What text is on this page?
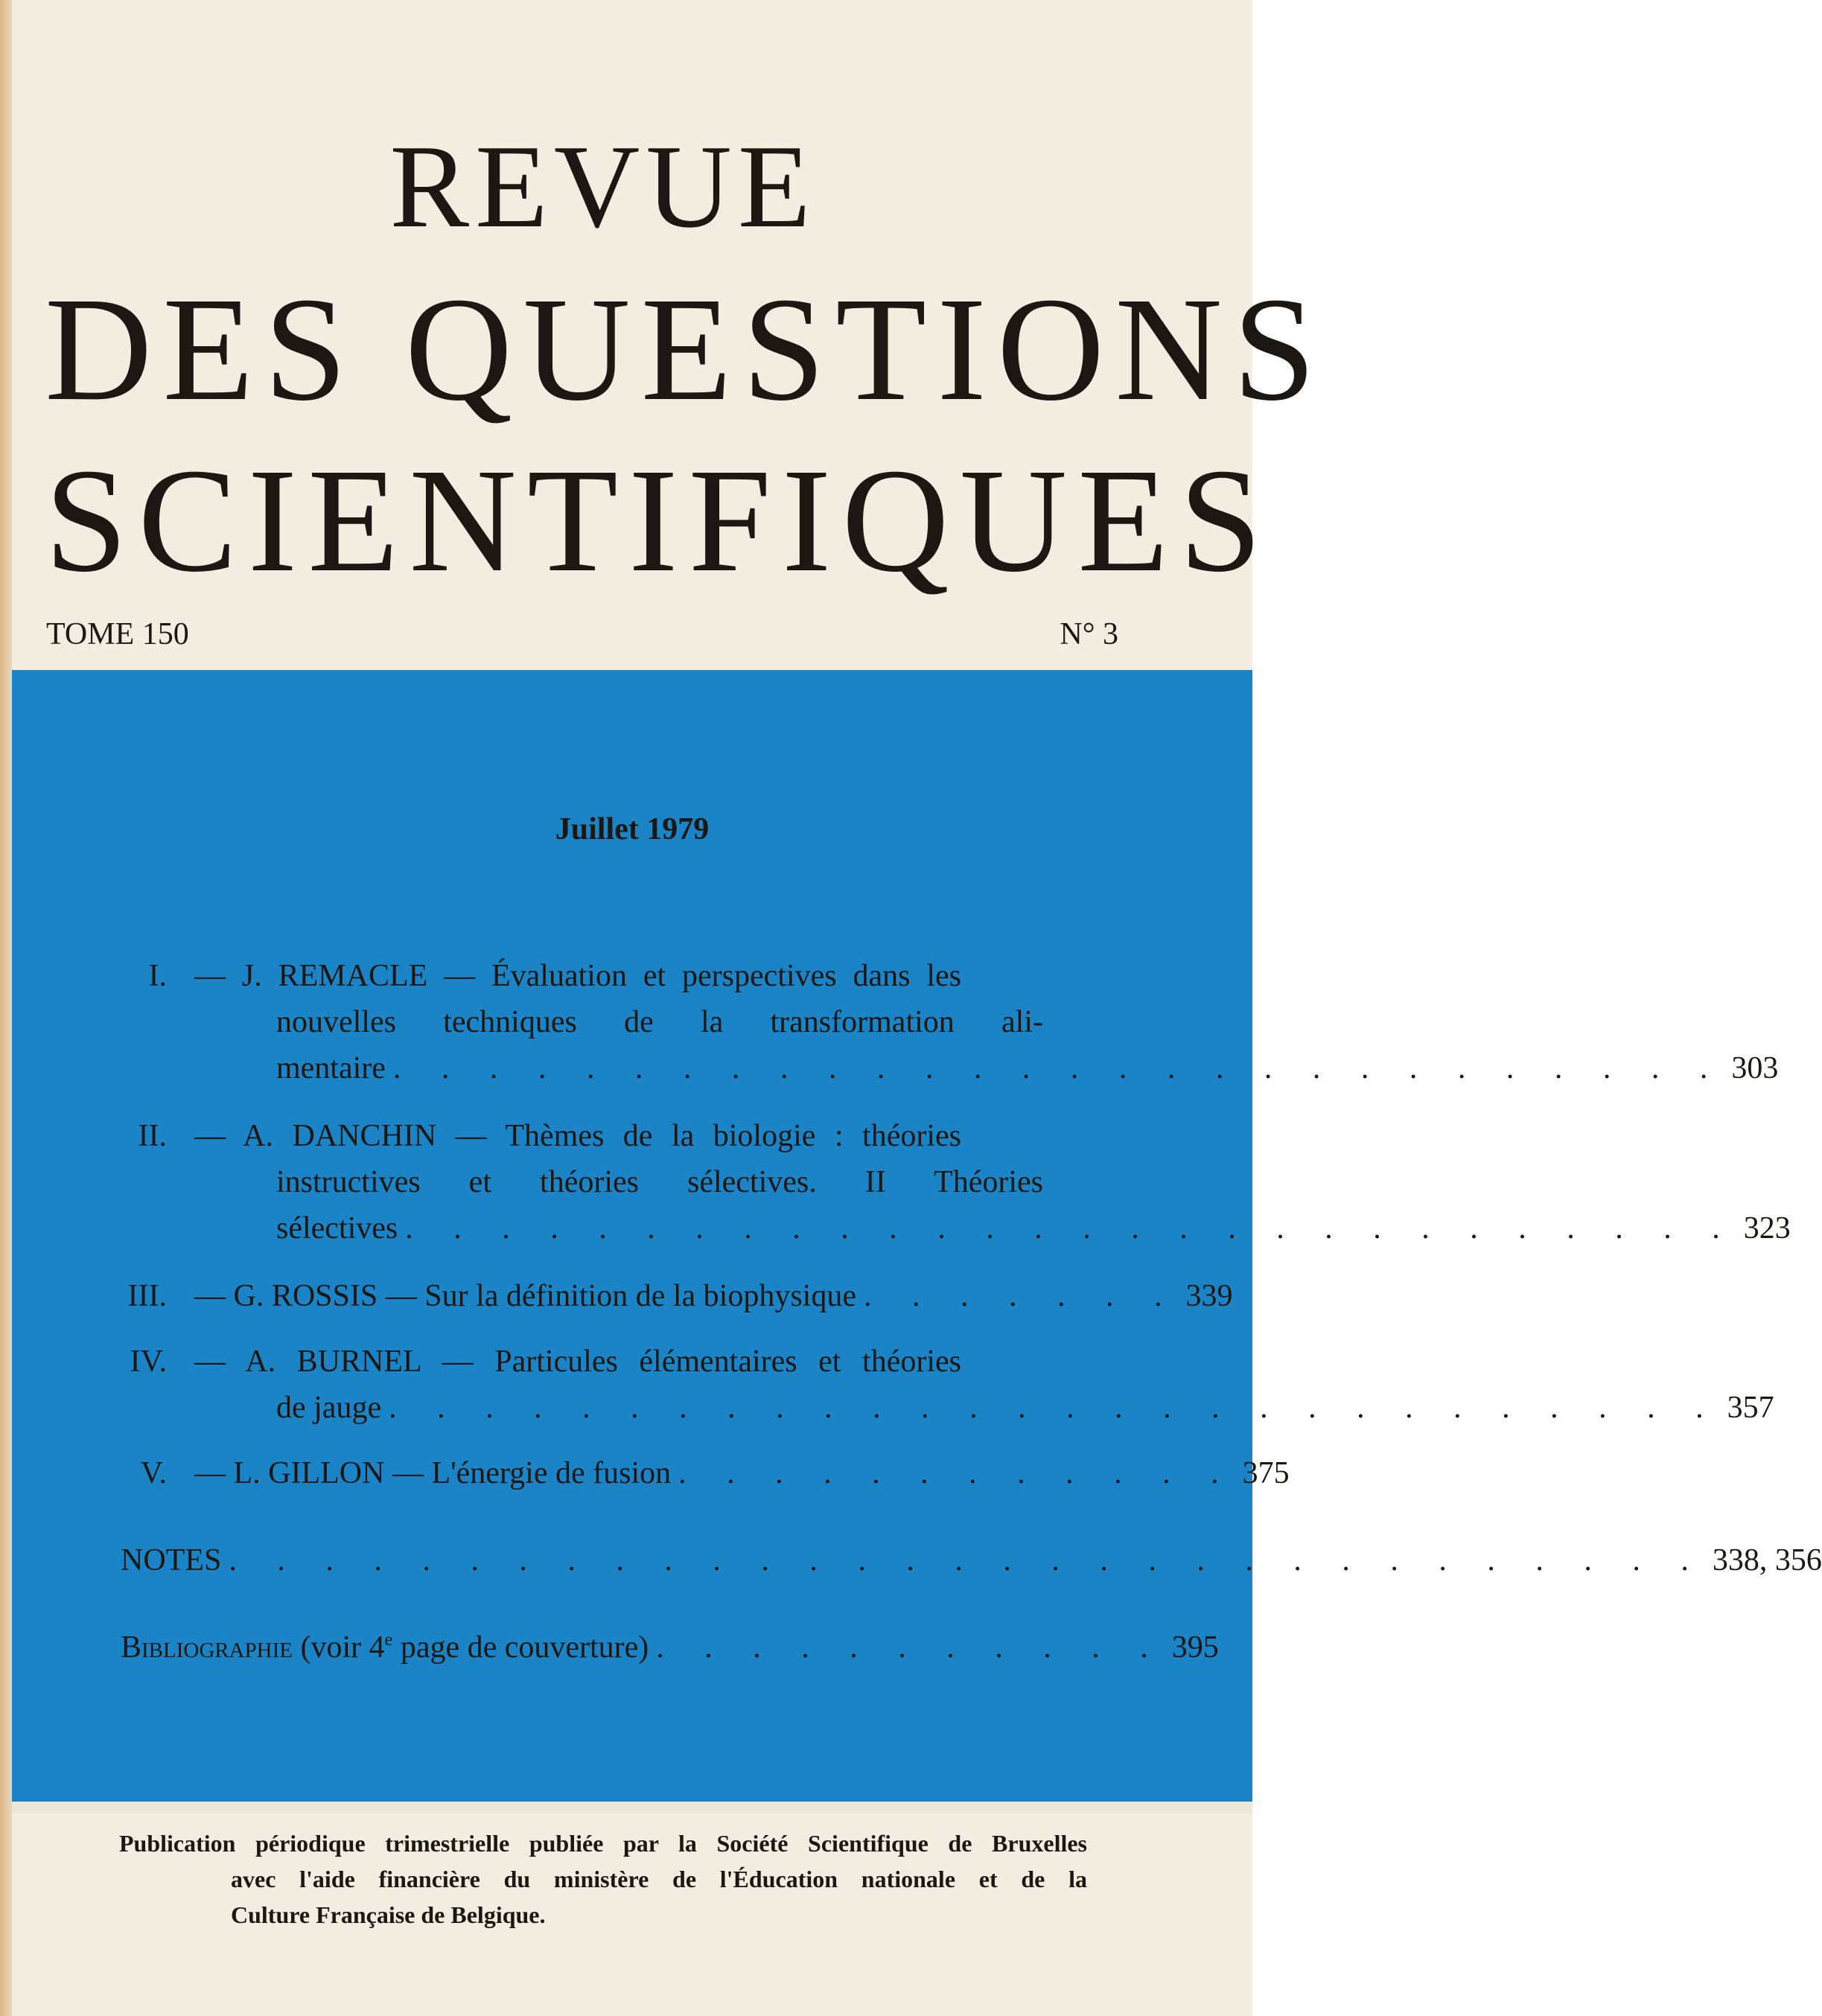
REVUE
DES QUESTIONS
SCIENTIFIQUES

TOME 150	N° 3

Juillet 1979

I. — J. REMACLE — Évaluation et perspectives dans les
nouvelles techniques de la transformation ali-
mentaire . . . . . . . . . . . . . . . . . . . . . . . . . . . . 303
II. — A. DANCHIN — Thèmes de la biologie : théories
instructives et théories sélectives. II Théories
sélectives . . . . . . . . . . . . . . . . . . . . . . . . . . . . 323
III. — G. ROSSIS — Sur la définition de la biophysique . . . . . . . 339
IV. — A. BURNEL — Particules élémentaires et théories
de jauge . . . . . . . . . . . . . . . . . . . . . . . . . . . . 357
V. — L. GILLON — L'énergie de fusion . . . . . . . . . . . . 375
NOTES . . . . . . . . . . . . . . . . . . . . . . . . . . . . . . . 338, 356
Bibliographie (voir 4e page de couverture) . . . . . . . . . . . 395

Publication périodique trimestrielle publiée par la Société Scientifique de Bruxelles
avec l'aide financière du ministère de l'Éducation nationale et de la
Culture Française de Belgique.
